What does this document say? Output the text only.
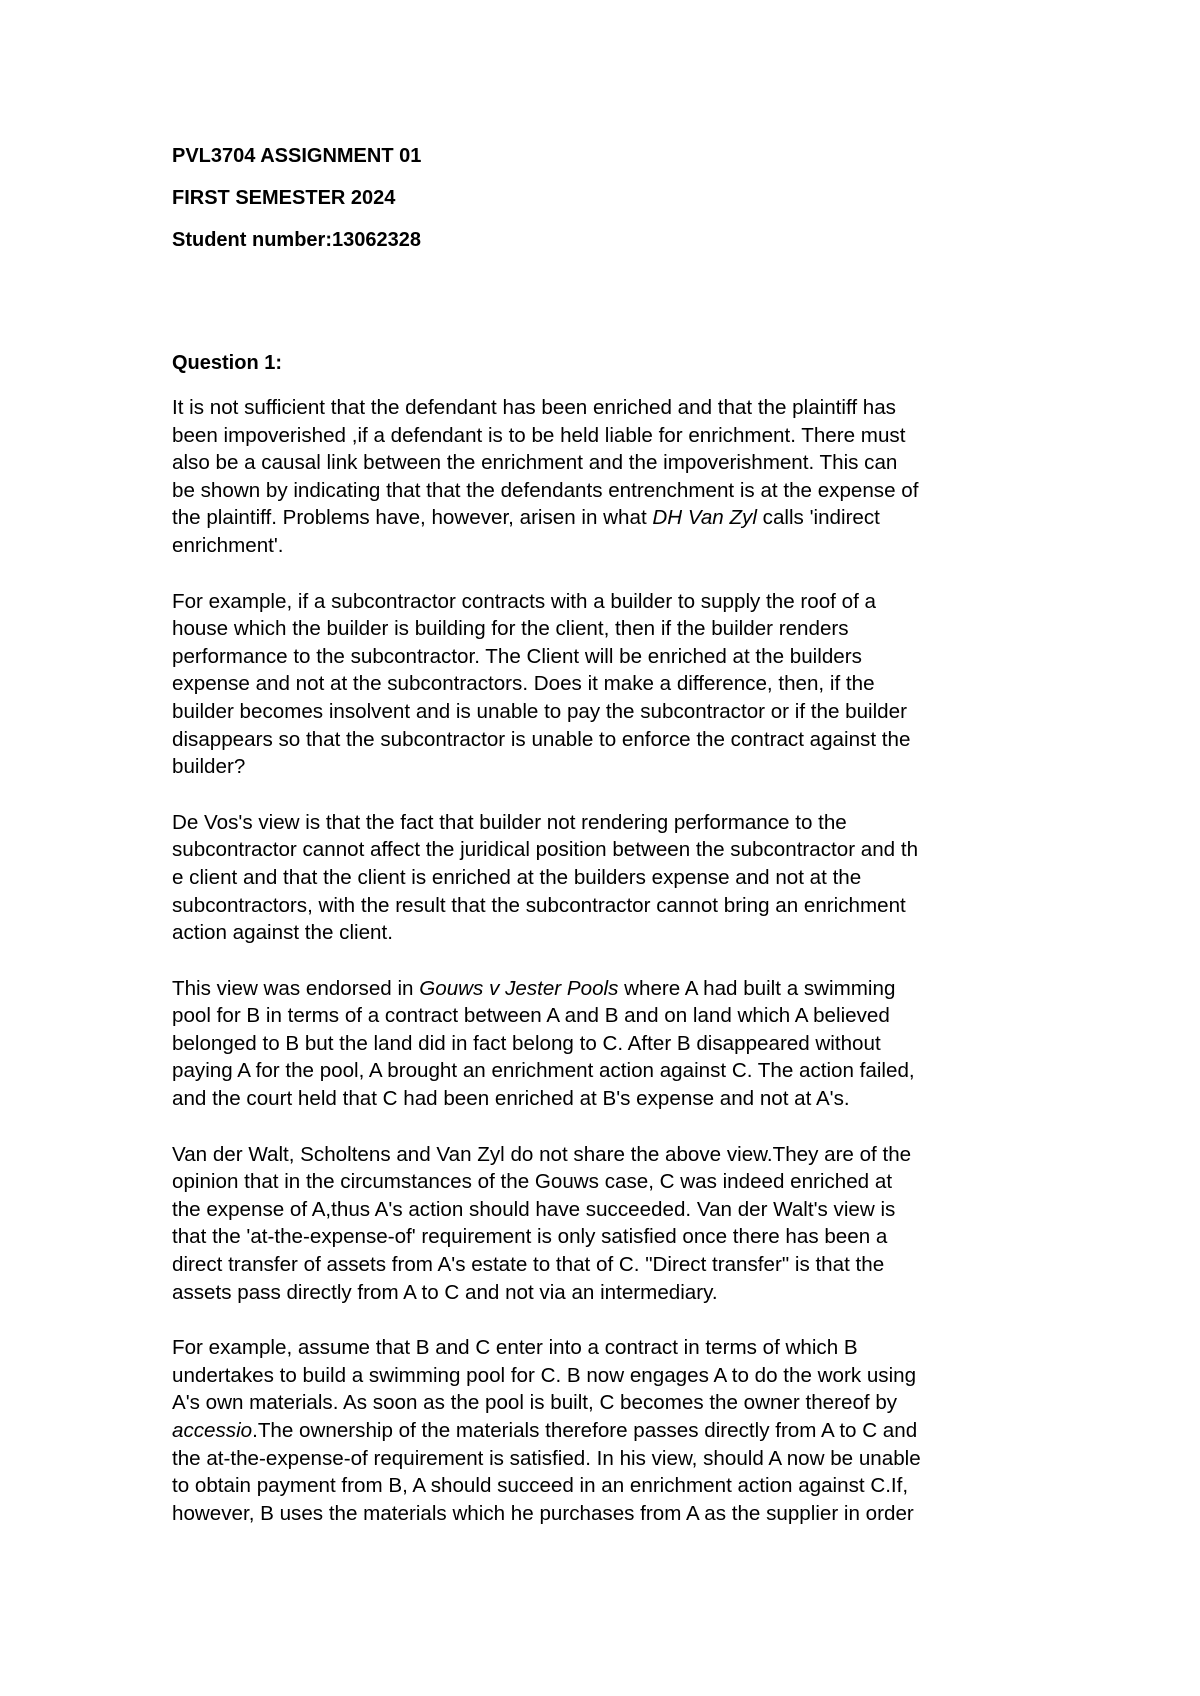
PVL3704 ASSIGNMENT 01
FIRST SEMESTER 2024
Student number:13062328
Question 1:
It is not sufficient that the defendant has been enriched and that the plaintiff has
been impoverished ,if a defendant is to be held liable for enrichment. There must
also be a causal link between the enrichment and the impoverishment. This can
be shown by indicating that that the defendants entrenchment is at the expense of
the plaintiff. Problems have, however, arisen in what DH Van Zyl calls 'indirect
enrichment'.
For example, if a subcontractor contracts with a builder to supply the roof of a
house which the builder is building for the client, then if the builder renders
performance to the subcontractor. The Client will be enriched at the builders
expense and not at the subcontractors. Does it make a difference, then, if the
builder becomes insolvent and is unable to pay the subcontractor or if the builder
disappears so that the subcontractor is unable to enforce the contract against the
builder?
De Vos's view is that the fact that builder not rendering performance to the
subcontractor cannot affect the juridical position between the subcontractor and th
e client and that the client is enriched at the builders expense and not at the
subcontractors, with the result that the subcontractor cannot bring an enrichment
action against the client.
This view was endorsed in Gouws v Jester Pools where A had built a swimming
pool for B in terms of a contract between A and B and on land which A believed
belonged to B but the land did in fact belong to C. After B disappeared without
paying A for the pool, A brought an enrichment action against C. The action failed,
and the court held that C had been enriched at B's expense and not at A's.
Van der Walt, Scholtens and Van Zyl do not share the above view.They are of the
opinion that in the circumstances of the Gouws case, C was indeed enriched at
the expense of A,thus A's action should have succeeded. Van der Walt's view is
that the 'at-the-expense-of' requirement is only satisfied once there has been a
direct transfer of assets from A's estate to that of C. "Direct transfer" is that the
assets pass directly from A to C and not via an intermediary.
For example, assume that B and C enter into a contract in terms of which B
undertakes to build a swimming pool for C. B now engages A to do the work using
A's own materials. As soon as the pool is built, C becomes the owner thereof by
accessio.The ownership of the materials therefore passes directly from A to C and
the at-the-expense-of requirement is satisfied. In his view, should A now be unable
to obtain payment from B, A should succeed in an enrichment action against C.If,
however, B uses the materials which he purchases from A as the supplier in order
